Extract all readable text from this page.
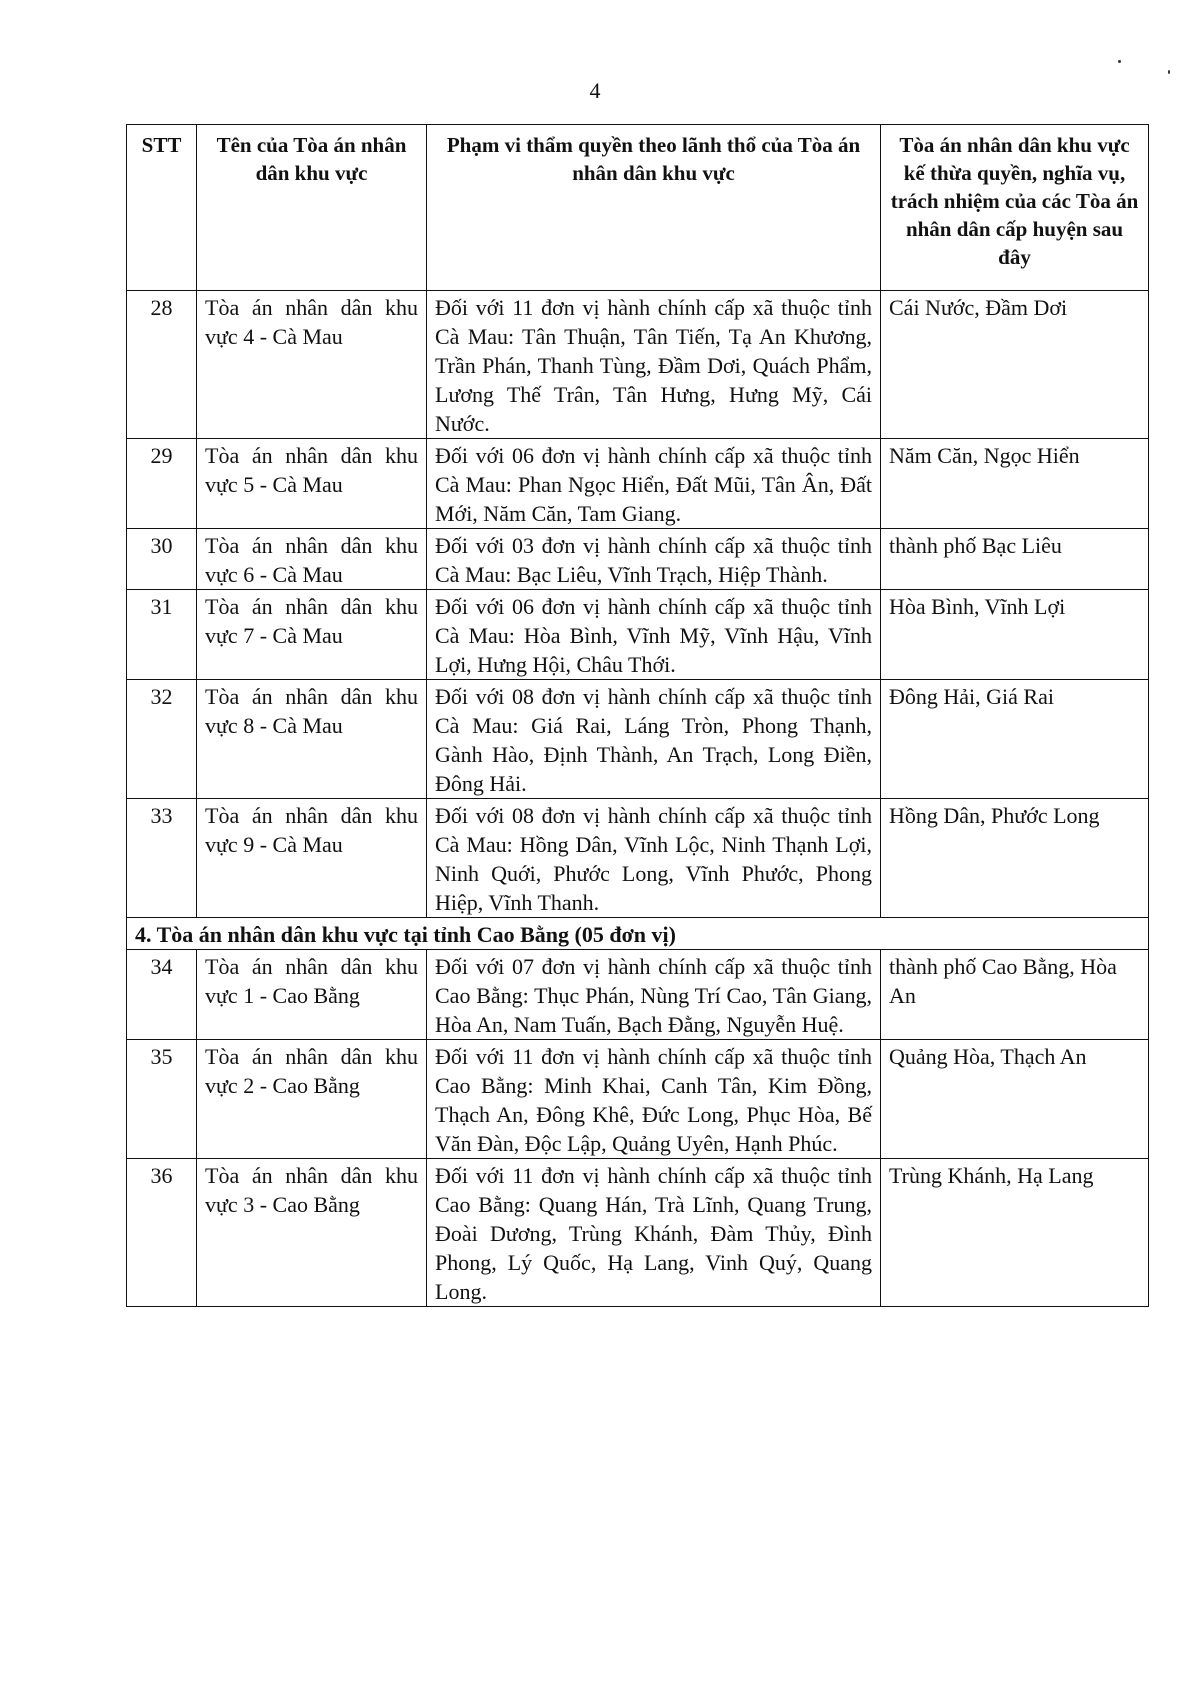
4
STT	Tên của Tòa án nhân dân khu vực	Phạm vi thẩm quyền theo lãnh thổ của Tòa án nhân dân khu vực	Tòa án nhân dân khu vực kế thừa quyền, nghĩa vụ, trách nhiệm của các Tòa án nhân dân cấp huyện sau đây
28	Tòa án nhân dân khu vực 4 - Cà Mau	Đối với 11 đơn vị hành chính cấp xã thuộc tỉnh Cà Mau: Tân Thuận, Tân Tiến, Tạ An Khương, Trần Phán, Thanh Tùng, Đầm Dơi, Quách Phẩm, Lương Thế Trân, Tân Hưng, Hưng Mỹ, Cái Nước.	Cái Nước, Đầm Dơi
29	Tòa án nhân dân khu vực 5 - Cà Mau	Đối với 06 đơn vị hành chính cấp xã thuộc tỉnh Cà Mau: Phan Ngọc Hiển, Đất Mũi, Tân Ân, Đất Mới, Năm Căn, Tam Giang.	Năm Căn, Ngọc Hiển
30	Tòa án nhân dân khu vực 6 - Cà Mau	Đối với 03 đơn vị hành chính cấp xã thuộc tỉnh Cà Mau: Bạc Liêu, Vĩnh Trạch, Hiệp Thành.	thành phố Bạc Liêu
31	Tòa án nhân dân khu vực 7 - Cà Mau	Đối với 06 đơn vị hành chính cấp xã thuộc tỉnh Cà Mau: Hòa Bình, Vĩnh Mỹ, Vĩnh Hậu, Vĩnh Lợi, Hưng Hội, Châu Thới.	Hòa Bình, Vĩnh Lợi
32	Tòa án nhân dân khu vực 8 - Cà Mau	Đối với 08 đơn vị hành chính cấp xã thuộc tỉnh Cà Mau: Giá Rai, Láng Tròn, Phong Thạnh, Gành Hào, Định Thành, An Trạch, Long Điền, Đông Hải.	Đông Hải, Giá Rai
33	Tòa án nhân dân khu vực 9 - Cà Mau	Đối với 08 đơn vị hành chính cấp xã thuộc tỉnh Cà Mau: Hồng Dân, Vĩnh Lộc, Ninh Thạnh Lợi, Ninh Quới, Phước Long, Vĩnh Phước, Phong Hiệp, Vĩnh Thanh.	Hồng Dân, Phước Long
4. Tòa án nhân dân khu vực tại tỉnh Cao Bằng (05 đơn vị)			
34	Tòa án nhân dân khu vực 1 - Cao Bằng	Đối với 07 đơn vị hành chính cấp xã thuộc tỉnh Cao Bằng: Thục Phán, Nùng Trí Cao, Tân Giang, Hòa An, Nam Tuấn, Bạch Đằng, Nguyễn Huệ.	thành phố Cao Bằng, Hòa An
35	Tòa án nhân dân khu vực 2 - Cao Bằng	Đối với 11 đơn vị hành chính cấp xã thuộc tỉnh Cao Bằng: Minh Khai, Canh Tân, Kim Đồng, Thạch An, Đông Khê, Đức Long, Phục Hòa, Bế Văn Đàn, Độc Lập, Quảng Uyên, Hạnh Phúc.	Quảng Hòa, Thạch An
36	Tòa án nhân dân khu vực 3 - Cao Bằng	Đối với 11 đơn vị hành chính cấp xã thuộc tỉnh Cao Bằng: Quang Hán, Trà Lĩnh, Quang Trung, Đoài Dương, Trùng Khánh, Đàm Thủy, Đình Phong, Lý Quốc, Hạ Lang, Vinh Quý, Quang Long.	Trùng Khánh, Hạ Lang
